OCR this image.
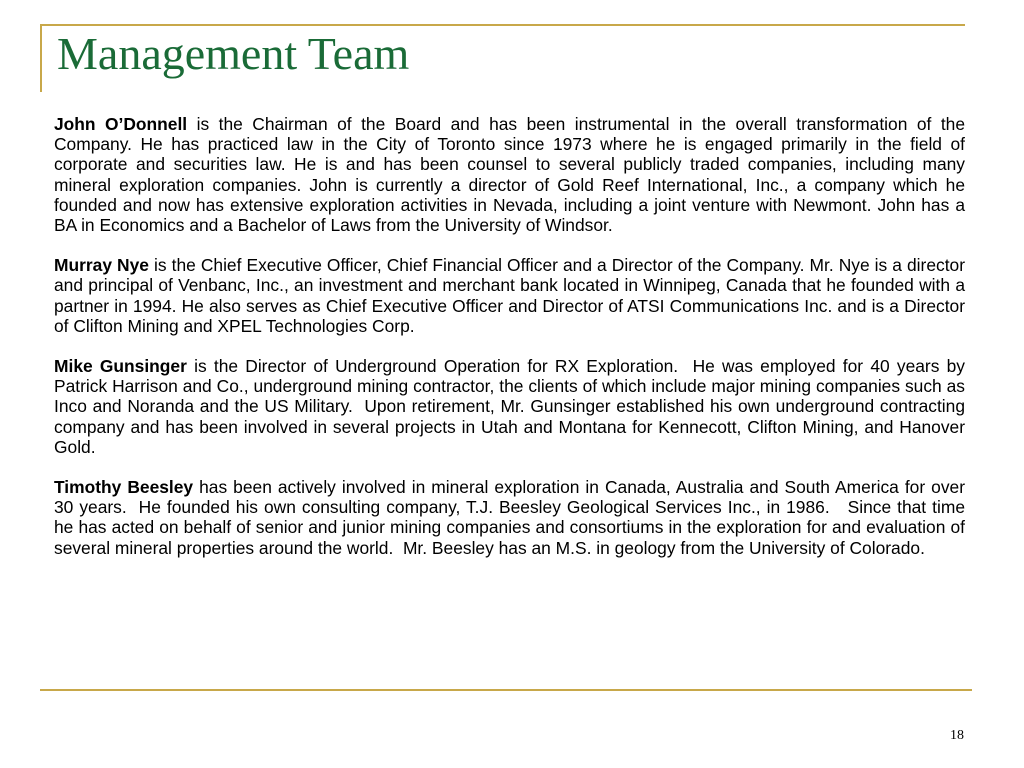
Management Team

John O’Donnell is the Chairman of the Board and has been instrumental in the overall transformation of the Company. He has practiced law in the City of Toronto since 1973 where he is engaged primarily in the field of corporate and securities law. He is and has been counsel to several publicly traded companies, including many mineral exploration companies. John is currently a director of Gold Reef International, Inc., a company which he founded and now has extensive exploration activities in Nevada, including a joint venture with Newmont. John has a BA in Economics and a Bachelor of Laws from the University of Windsor.

Murray Nye is the Chief Executive Officer, Chief Financial Officer and a Director of the Company. Mr. Nye is a director and principal of Venbanc, Inc., an investment and merchant bank located in Winnipeg, Canada that he founded with a partner in 1994. He also serves as Chief Executive Officer and Director of ATSI Communications Inc. and is a Director of Clifton Mining and XPEL Technologies Corp.

Mike Gunsinger is the Director of Underground Operation for RX Exploration.  He was employed for 40 years by Patrick Harrison and Co., underground mining contractor, the clients of which include major mining companies such as Inco and Noranda and the US Military.  Upon retirement, Mr. Gunsinger established his own underground contracting company and has been involved in several projects in Utah and Montana for Kennecott, Clifton Mining, and Hanover Gold.

Timothy Beesley has been actively involved in mineral exploration in Canada, Australia and South America for over 30 years.  He founded his own consulting company, T.J. Beesley Geological Services Inc., in 1986.   Since that time he has acted on behalf of senior and junior mining companies and consortiums in the exploration for and evaluation of several mineral properties around the world.  Mr. Beesley has an M.S. in geology from the University of Colorado.

18
